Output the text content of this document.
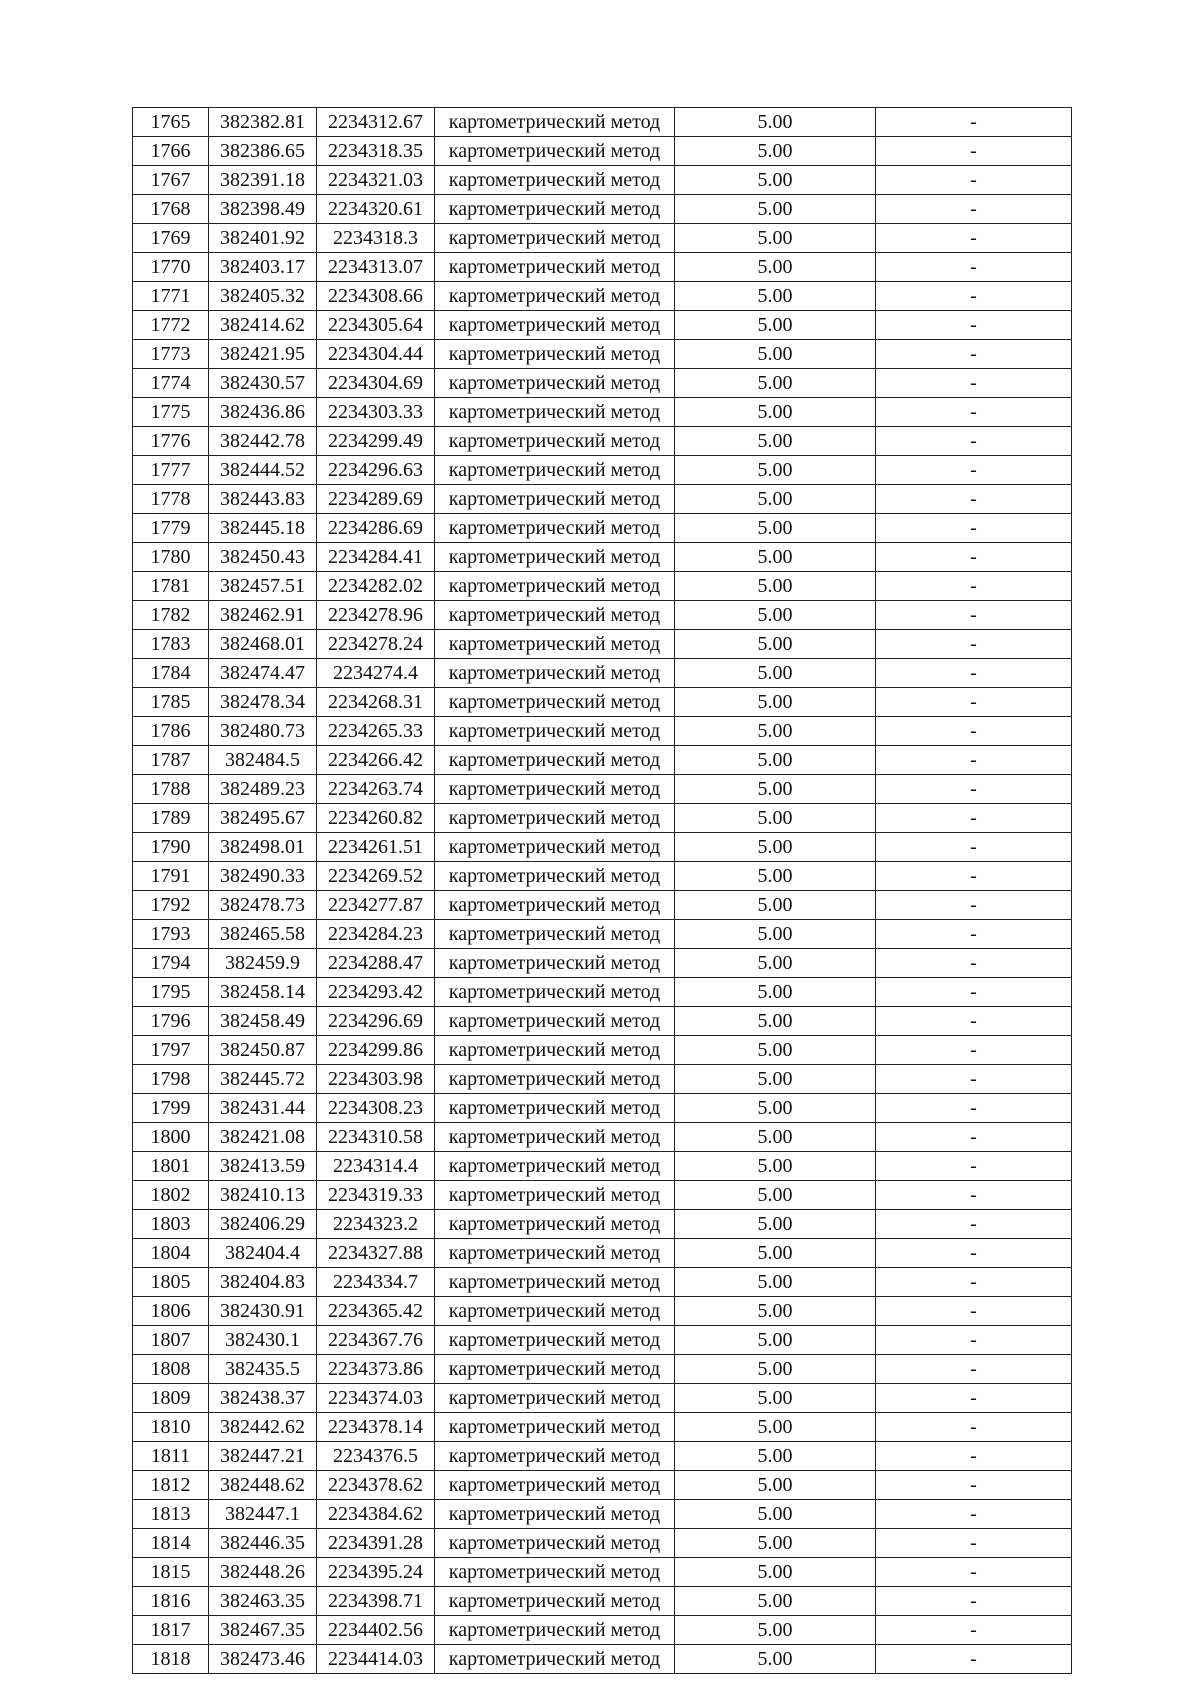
1765	382382.81	2234312.67	картометрический метод	5.00	-
1766	382386.65	2234318.35	картометрический метод	5.00	-
1767	382391.18	2234321.03	картометрический метод	5.00	-
1768	382398.49	2234320.61	картометрический метод	5.00	-
1769	382401.92	2234318.3	картометрический метод	5.00	-
1770	382403.17	2234313.07	картометрический метод	5.00	-
1771	382405.32	2234308.66	картометрический метод	5.00	-
1772	382414.62	2234305.64	картометрический метод	5.00	-
1773	382421.95	2234304.44	картометрический метод	5.00	-
1774	382430.57	2234304.69	картометрический метод	5.00	-
1775	382436.86	2234303.33	картометрический метод	5.00	-
1776	382442.78	2234299.49	картометрический метод	5.00	-
1777	382444.52	2234296.63	картометрический метод	5.00	-
1778	382443.83	2234289.69	картометрический метод	5.00	-
1779	382445.18	2234286.69	картометрический метод	5.00	-
1780	382450.43	2234284.41	картометрический метод	5.00	-
1781	382457.51	2234282.02	картометрический метод	5.00	-
1782	382462.91	2234278.96	картометрический метод	5.00	-
1783	382468.01	2234278.24	картометрический метод	5.00	-
1784	382474.47	2234274.4	картометрический метод	5.00	-
1785	382478.34	2234268.31	картометрический метод	5.00	-
1786	382480.73	2234265.33	картометрический метод	5.00	-
1787	382484.5	2234266.42	картометрический метод	5.00	-
1788	382489.23	2234263.74	картометрический метод	5.00	-
1789	382495.67	2234260.82	картометрический метод	5.00	-
1790	382498.01	2234261.51	картометрический метод	5.00	-
1791	382490.33	2234269.52	картометрический метод	5.00	-
1792	382478.73	2234277.87	картометрический метод	5.00	-
1793	382465.58	2234284.23	картометрический метод	5.00	-
1794	382459.9	2234288.47	картометрический метод	5.00	-
1795	382458.14	2234293.42	картометрический метод	5.00	-
1796	382458.49	2234296.69	картометрический метод	5.00	-
1797	382450.87	2234299.86	картометрический метод	5.00	-
1798	382445.72	2234303.98	картометрический метод	5.00	-
1799	382431.44	2234308.23	картометрический метод	5.00	-
1800	382421.08	2234310.58	картометрический метод	5.00	-
1801	382413.59	2234314.4	картометрический метод	5.00	-
1802	382410.13	2234319.33	картометрический метод	5.00	-
1803	382406.29	2234323.2	картометрический метод	5.00	-
1804	382404.4	2234327.88	картометрический метод	5.00	-
1805	382404.83	2234334.7	картометрический метод	5.00	-
1806	382430.91	2234365.42	картометрический метод	5.00	-
1807	382430.1	2234367.76	картометрический метод	5.00	-
1808	382435.5	2234373.86	картометрический метод	5.00	-
1809	382438.37	2234374.03	картометрический метод	5.00	-
1810	382442.62	2234378.14	картометрический метод	5.00	-
1811	382447.21	2234376.5	картометрический метод	5.00	-
1812	382448.62	2234378.62	картометрический метод	5.00	-
1813	382447.1	2234384.62	картометрический метод	5.00	-
1814	382446.35	2234391.28	картометрический метод	5.00	-
1815	382448.26	2234395.24	картометрический метод	5.00	-
1816	382463.35	2234398.71	картометрический метод	5.00	-
1817	382467.35	2234402.56	картометрический метод	5.00	-
1818	382473.46	2234414.03	картометрический метод	5.00	-
